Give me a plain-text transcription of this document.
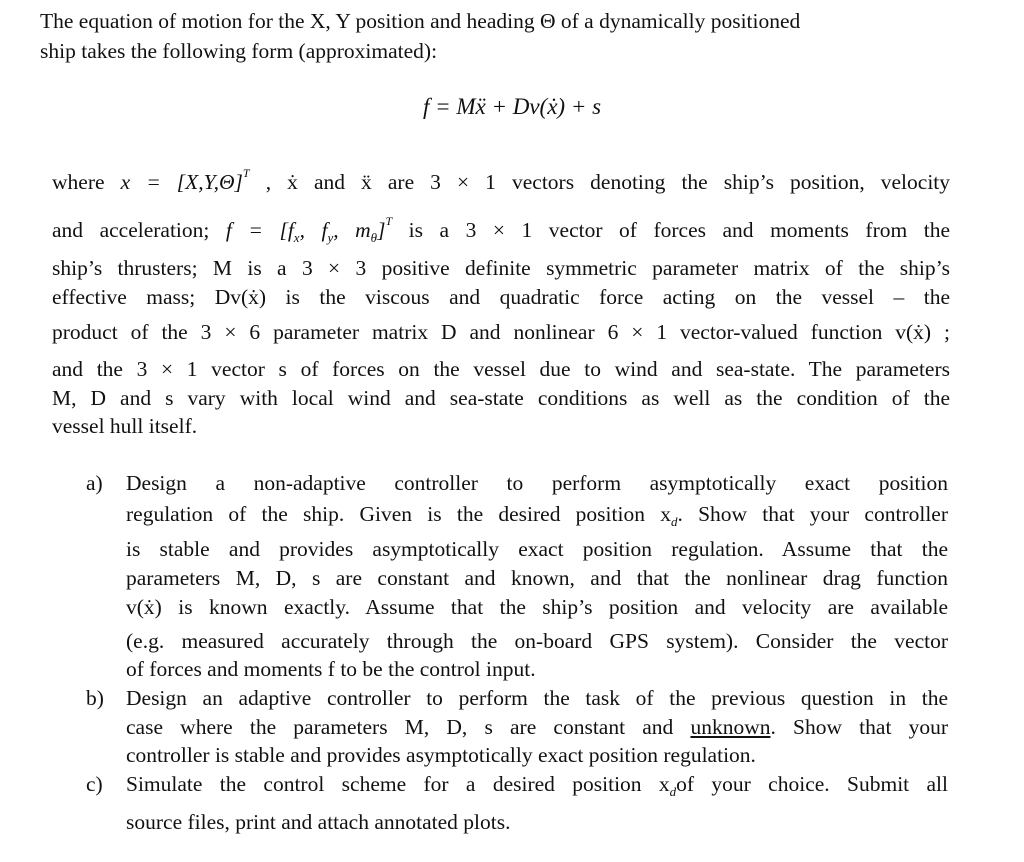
The equation of motion for the X, Y position and heading Θ of a dynamically positioned
ship takes the following form (approximated):
f = Mẍ + Dv(ẋ) + s
where $x = [X,Y,\Theta]^T$ , ẋ and ẍ are 3 × 1 vectors denoting the ship’s position, velocity
and acceleration; $f = [f_x$, $f_y$, $m_\theta]^T$ is a 3 × 1 vector of forces and moments from the
ship’s thrusters; M is a 3 × 3 positive definite symmetric parameter matrix of the ship’s
effective mass; Dv(ẋ) is the viscous and quadratic force acting on the vessel – the
product of the 3 × 6 parameter matrix D and nonlinear 6 × 1 vector-valued function v(ẋ) ;
and the 3 × 1 vector s of forces on the vessel due to wind and sea-state. The parameters
M, D and s vary with local wind and sea-state conditions as well as the condition of the
vessel hull itself.
a) Design a non-adaptive controller to perform asymptotically exact position
regulation of the ship. Given is the desired position $x_d$. Show that your controller
is stable and provides asymptotically exact position regulation. Assume that the
parameters M, D, s are constant and known, and that the nonlinear drag function
v(ẋ) is known exactly. Assume that the ship’s position and velocity are available
(e.g. measured accurately through the on-board GPS system). Consider the vector
of forces and moments f to be the control input.
b) Design an adaptive controller to perform the task of the previous question in the
case where the parameters M, D, s are constant and unknown. Show that your
controller is stable and provides asymptotically exact position regulation.
c) Simulate the control scheme for a desired position $x_dof$ your choice. Submit all
source files, print and attach annotated plots.
